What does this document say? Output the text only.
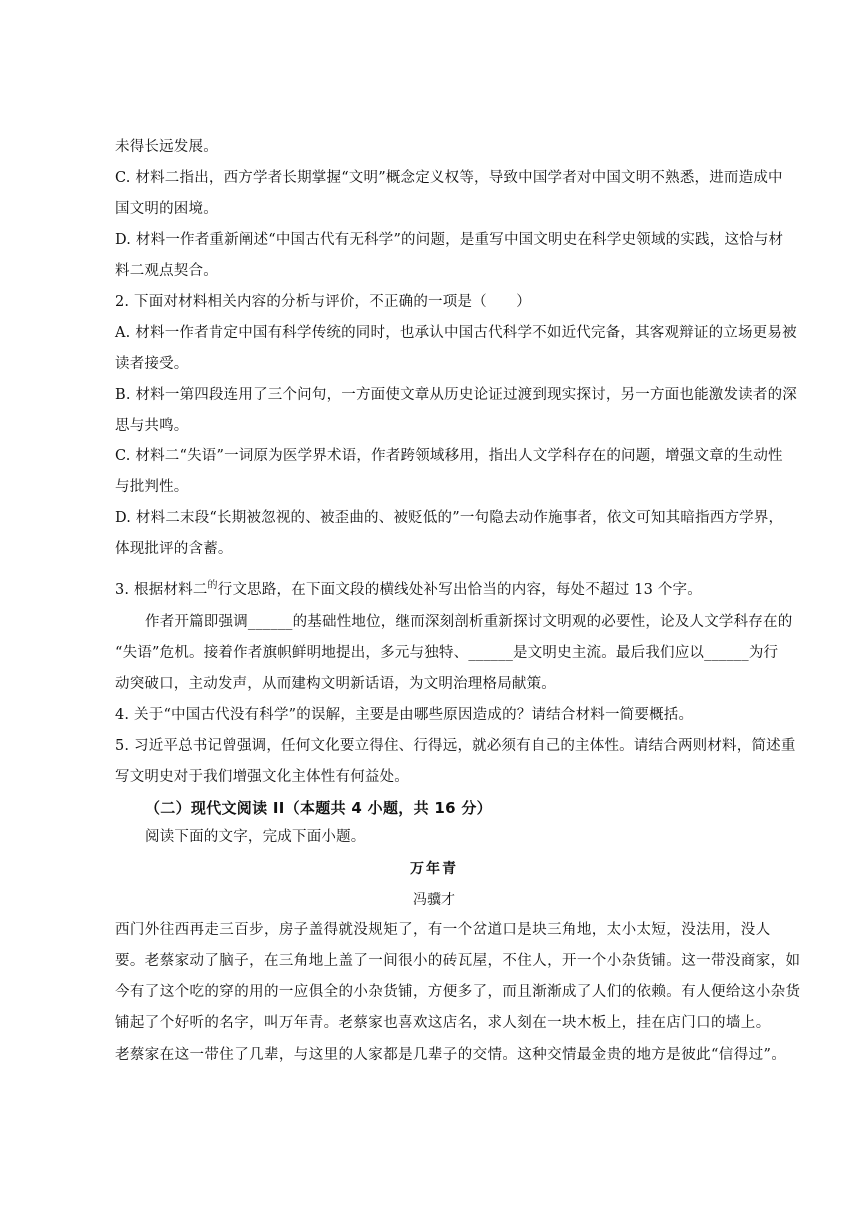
未得长远发展。
C. 材料二指出，西方学者长期掌握“文明”概念定义权等，导致中国学者对中国文明不熟悉，进而造成中
国文明的困境。
D. 材料一作者重新阐述“中国古代有无科学”的问题，是重写中国文明史在科学史领域的实践，这恰与材
料二观点契合。
2. 下面对材料相关内容的分析与评价，不正确的一项是（　　）
A. 材料一作者肯定中国有科学传统的同时，也承认中国古代科学不如近代完备，其客观辩证的立场更易被
读者接受。
B. 材料一第四段连用了三个问句，一方面使文章从历史论证过渡到现实探讨，另一方面也能激发读者的深
思与共鸣。
C. 材料二“失语”一词原为医学界术语，作者跨领域移用，指出人文学科存在的问题，增强文章的生动性
与批判性。
D. 材料二末段“长期被忽视的、被歪曲的、被贬低的”一句隐去动作施事者，依文可知其暗指西方学界，
体现批评的含蓄。
3. 根据材料二$^的$行文思路，在下面文段的横线处补写出恰当的内容，每处不超过 13 个字。
作者开篇即强调______的基础性地位，继而深刻剖析重新探讨文明观的必要性，论及人文学科存在的
“失语”危机。接着作者旗帜鲜明地提出，多元与独特、______是文明史主流。最后我们应以______为行
动突破口，主动发声，从而建构文明新话语，为文明治理格局献策。
4. 关于“中国古代没有科学”的误解，主要是由哪些原因造成的？请结合材料一简要概括。
5. 习近平总书记曾强调，任何文化要立得住、行得远，就必须有自己的主体性。请结合两则材料，简述重
写文明史对于我们增强文化主体性有何益处。
（二）现代文阅读 II（本题共 4 小题，共 16 分）
阅读下面的文字，完成下面小题。
万年青
冯骥才
西门外往西再走三百步，房子盖得就没规矩了，有一个岔道口是块三角地，太小太短，没法用，没人
要。老蔡家动了脑子，在三角地上盖了一间很小的砖瓦屋，不住人，开一个小杂货铺。这一带没商家，如
今有了这个吃的穿的用的一应俱全的小杂货铺，方便多了，而且渐渐成了人们的依赖。有人便给这小杂货
铺起了个好听的名字，叫万年青。老蔡家也喜欢这店名，求人刻在一块木板上，挂在店门口的墙上。
老蔡家在这一带住了几辈，与这里的人家都是几辈子的交情。这种交情最金贵的地方是彼此“信得过”。
